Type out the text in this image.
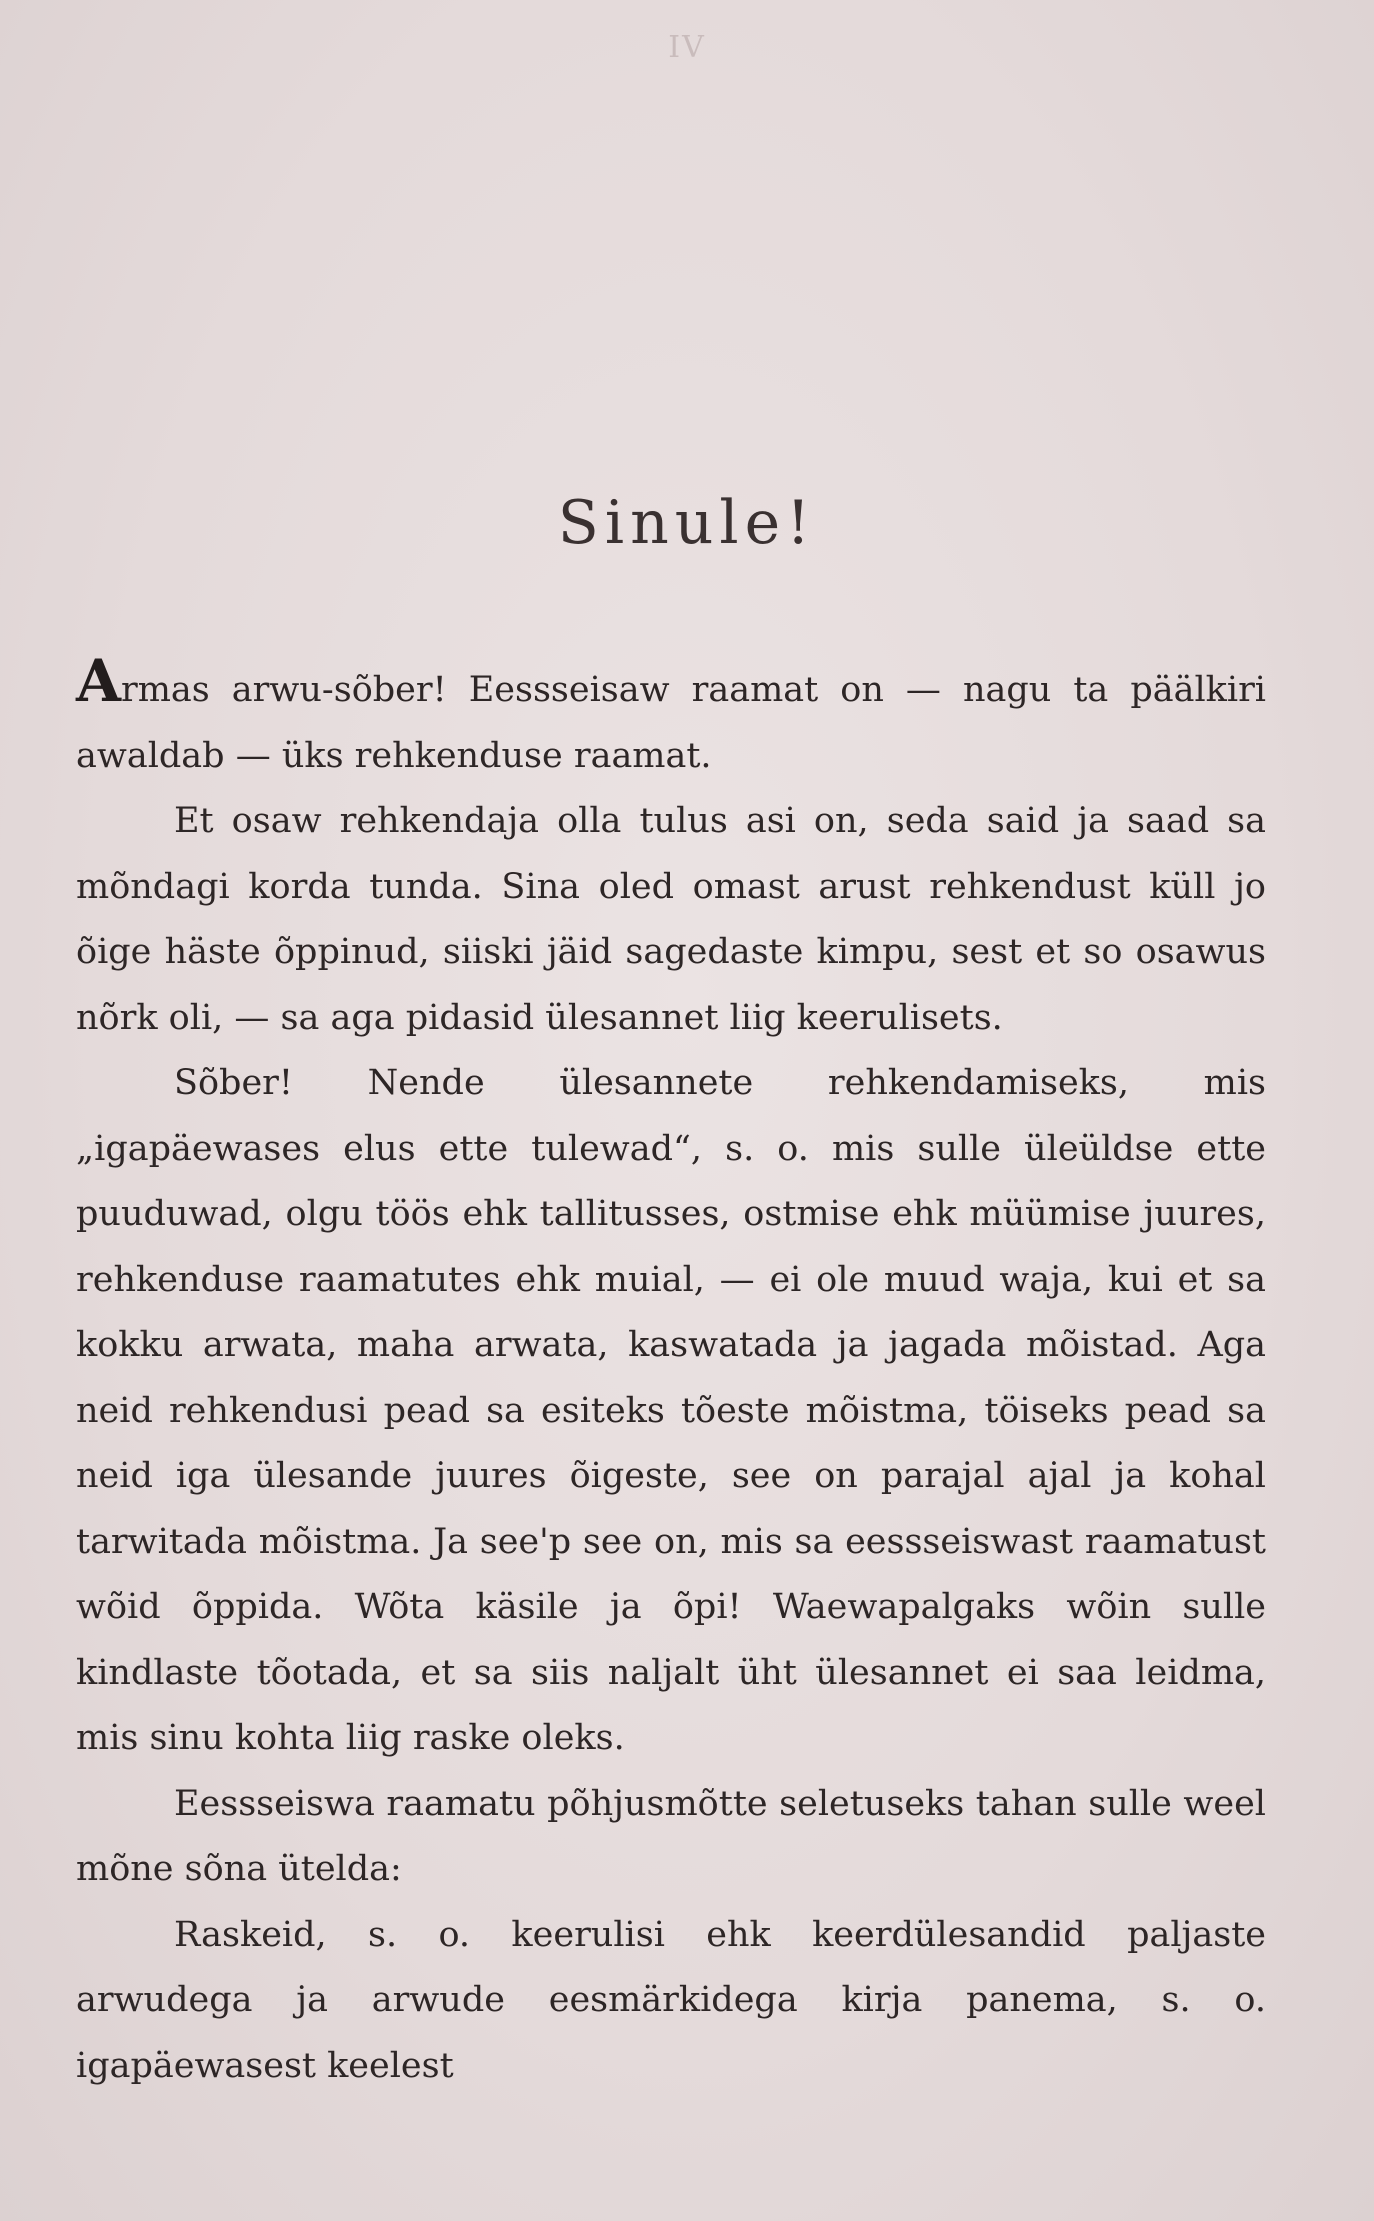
IV
Sinule!

Armas arwu-sõber! Eessseisaw raamat on — nagu ta päälkiri awaldab — üks rehkenduse raamat.

Et osaw rehkendaja olla tulus asi on, seda said ja saad sa mõndagi korda tunda. Sina oled omast arust rehkendust küll jo õige häste õppinud, siiski jäid sagedaste kimpu, sest et so osawus nõrk oli, — sa aga pidasid ülesannet liig keerulisets.

Sõber! Nende ülesannete rehkendamiseks, mis „igapäewases elus ette tulewad“, s. o. mis sulle üleüldse ette puuduwad, olgu töös ehk tallitusses, ostmise ehk müümise juures, rehkenduse raamatutes ehk muial, — ei ole muud waja, kui et sa kokku arwata, maha arwata, kaswatada ja jagada mõistad. Aga neid rehkendusi pead sa esiteks tõeste mõistma, töiseks pead sa neid iga ülesande juures õigeste, see on parajal ajal ja kohal tarwitada mõistma. Ja see'p see on, mis sa eessseiswast raamatust wõid õppida. Wõta käsile ja õpi! Waewapalgaks wõin sulle kindlaste tõotada, et sa siis naljalt üht ülesannet ei saa leidma, mis sinu kohta liig raske oleks.

Eessseiswa raamatu põhjusmõtte seletuseks tahan sulle weel mõne sõna ütelda:

Raskeid, s. o. keerulisi ehk keerdülesandid paljaste arwudega ja arwude eesmärkidega kirja panema, s. o. igapäewasest keelest
